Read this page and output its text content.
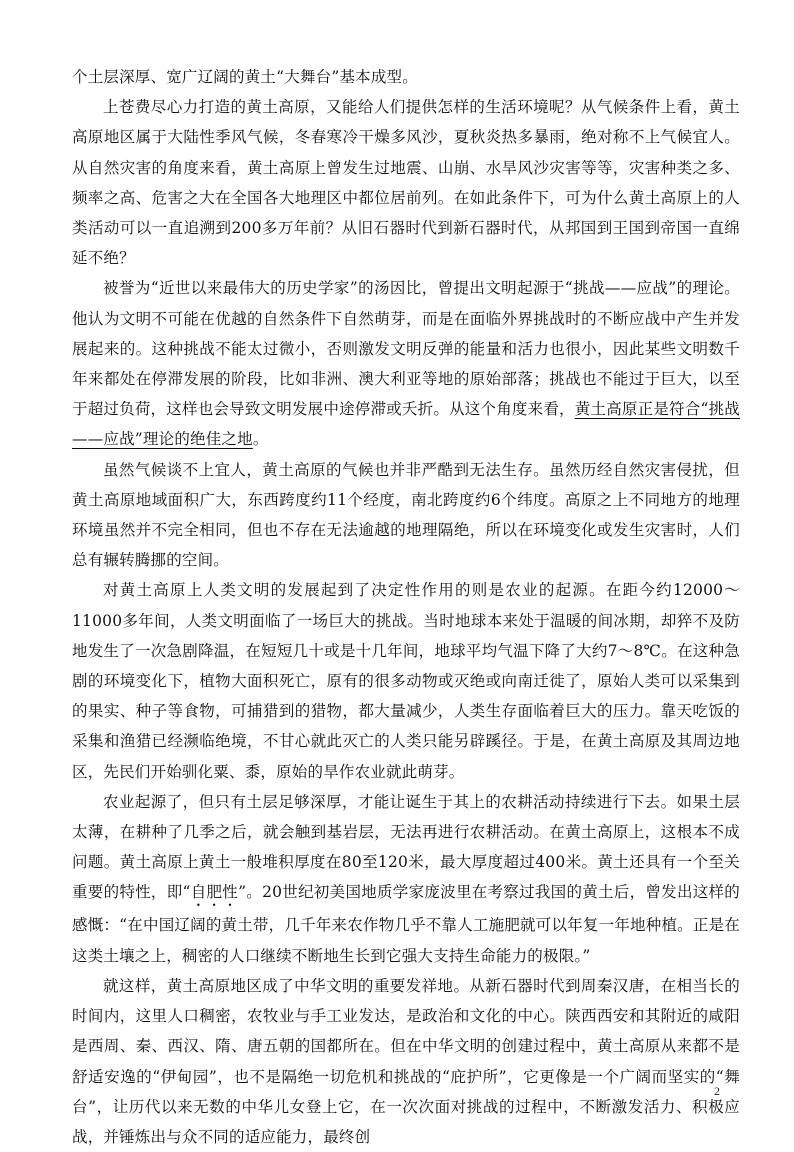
个土层深厚、宽广辽阔的黄土“大舞台”基本成型。

上苍费尽心力打造的黄土高原，又能给人们提供怎样的生活环境呢？从气候条件上看，黄土高原地区属于大陆性季风气候，冬春寒冷干燥多风沙，夏秋炎热多暴雨，绝对称不上气候宜人。从自然灾害的角度来看，黄土高原上曾发生过地震、山崩、水旱风沙灾害等等，灾害种类之多、频率之高、危害之大在全国各大地理区中都位居前列。在如此条件下，可为什么黄土高原上的人类活动可以一直追溯到200多万年前？从旧石器时代到新石器时代，从邦国到王国到帝国一直绵延不绝？

被誉为“近世以来最伟大的历史学家”的汤因比，曾提出文明起源于“挑战——应战”的理论。他认为文明不可能在优越的自然条件下自然萌芽，而是在面临外界挑战时的不断应战中产生并发展起来的。这种挑战不能太过微小，否则激发文明反弹的能量和活力也很小，因此某些文明数千年来都处在停滞发展的阶段，比如非洲、澳大利亚等地的原始部落；挑战也不能过于巨大，以至于超过负荷，这样也会导致文明发展中途停滞或夭折。从这个角度来看，黄土高原正是符合“挑战——应战”理论的绝佳之地。

虽然气候谈不上宜人，黄土高原的气候也并非严酷到无法生存。虽然历经自然灾害侵扰，但黄土高原地域面积广大，东西跨度约11个经度，南北跨度约6个纬度。高原之上不同地方的地理环境虽然并不完全相同，但也不存在无法逾越的地理隔绝，所以在环境变化或发生灾害时，人们总有辗转腾挪的空间。

对黄土高原上人类文明的发展起到了决定性作用的则是农业的起源。在距今约12000～11000多年间，人类文明面临了一场巨大的挑战。当时地球本来处于温暖的间冰期，却猝不及防地发生了一次急剧降温，在短短几十或是十几年间，地球平均气温下降了大约7～8℃。在这种急剧的环境变化下，植物大面积死亡，原有的很多动物或灭绝或向南迁徙了，原始人类可以采集到的果实、种子等食物，可捕猎到的猎物，都大量减少，人类生存面临着巨大的压力。靠天吃饭的采集和渔猎已经濒临绝境，不甘心就此灭亡的人类只能另辟蹊径。于是，在黄土高原及其周边地区，先民们开始驯化粟、黍，原始的旱作农业就此萌芽。

农业起源了，但只有土层足够深厚，才能让诞生于其上的农耕活动持续进行下去。如果土层太薄，在耕种了几季之后，就会触到基岩层，无法再进行农耕活动。在黄土高原上，这根本不成问题。黄土高原上黄土一般堆积厚度在80至120米，最大厚度超过400米。黄土还具有一个至关重要的特性，即“自肥性”。20世纪初美国地质学家庞波里在考察过我国的黄土后，曾发出这样的感慨：“在中国辽阔的黄土带，几千年来农作物几乎不靠人工施肥就可以年复一年地种植。正是在这类土壤之上，稠密的人口继续不断地生长到它强大支持生命能力的极限。”

就这样，黄土高原地区成了中华文明的重要发祥地。从新石器时代到周秦汉唐，在相当长的时间内，这里人口稠密，农牧业与手工业发达，是政治和文化的中心。陕西西安和其附近的咸阳是西周、秦、西汉、隋、唐五朝的国都所在。但在中华文明的创建过程中，黄土高原从来都不是舒适安逸的“伊甸园”，也不是隔绝一切危机和挑战的“庇护所”，它更像是一个广阔而坚实的“舞台”，让历代以来无数的中华儿女登上它，在一次次面对挑战的过程中，不断激发活力、积极应战，并锤炼出与众不同的适应能力，最终创

2
